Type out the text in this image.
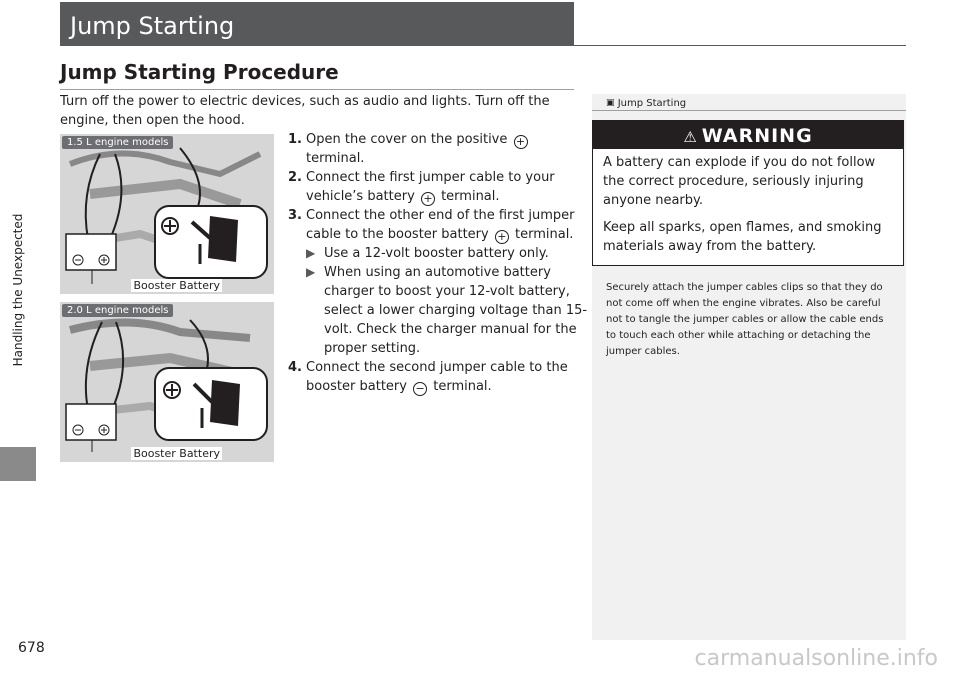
Handling the Unexpected
Jump Starting
Jump Starting Procedure
Turn off the power to electric devices, such as audio and lights. Turn off the engine, then open the hood.
1.5 L engine models
Booster Battery
2.0 L engine models
Booster Battery
1. Open the cover on the positive + terminal.
2. Connect the first jumper cable to your vehicle’s battery + terminal.
3. Connect the other end of the first jumper cable to the booster battery + terminal.
▶ Use a 12-volt booster battery only.
▶ When using an automotive battery charger to boost your 12-volt battery, select a lower charging voltage than 15-volt. Check the charger manual for the proper setting.
4. Connect the second jumper cable to the booster battery − terminal.
▣ Jump Starting
⚠ WARNING

A battery can explode if you do not follow the correct procedure, seriously injuring anyone nearby.

Keep all sparks, open flames, and smoking materials away from the battery.

Securely attach the jumper cables clips so that they do not come off when the engine vibrates. Also be careful not to tangle the jumper cables or allow the cable ends to touch each other while attaching or detaching the jumper cables.
678	carmanualsonline.info
